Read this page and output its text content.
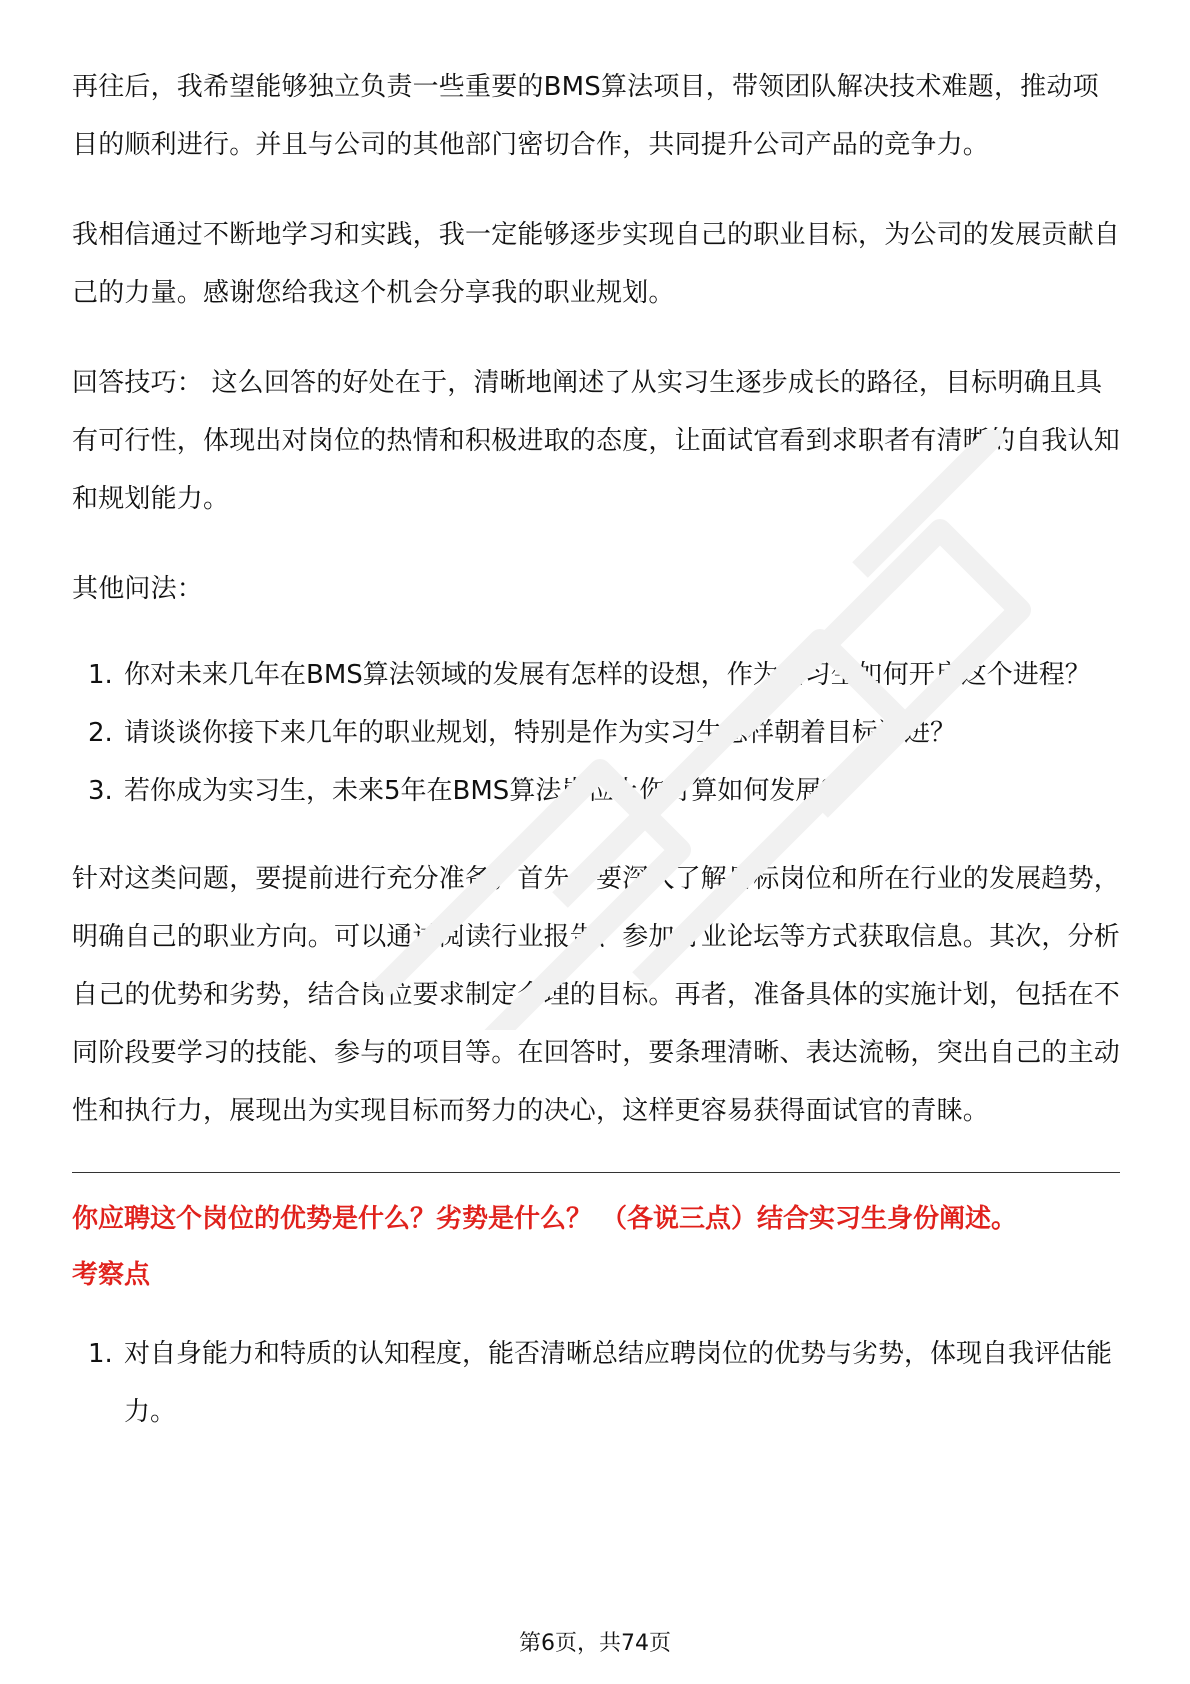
再往后，我希望能够独立负责一些重要的BMS算法项目，带领团队解决技术难题，推动项目的顺利进行。并且与公司的其他部门密切合作，共同提升公司产品的竞争力。

我相信通过不断地学习和实践，我一定能够逐步实现自己的职业目标，为公司的发展贡献自己的力量。感谢您给我这个机会分享我的职业规划。

回答技巧： 这么回答的好处在于，清晰地阐述了从实习生逐步成长的路径，目标明确且具有可行性，体现出对岗位的热情和积极进取的态度，让面试官看到求职者有清晰的自我认知和规划能力。

其他问法：

1. 你对未来几年在BMS算法领域的发展有怎样的设想，作为实习生如何开启这个进程？
2. 请谈谈你接下来几年的职业规划，特别是作为实习生怎样朝着目标迈进？
3. 若你成为实习生，未来5年在BMS算法岗位上你打算如何发展？

针对这类问题，要提前进行充分准备。首先，要深入了解目标岗位和所在行业的发展趋势，明确自己的职业方向。可以通过阅读行业报告、参加行业论坛等方式获取信息。其次，分析自己的优势和劣势，结合岗位要求制定合理的目标。再者，准备具体的实施计划，包括在不同阶段要学习的技能、参与的项目等。在回答时，要条理清晰、表达流畅，突出自己的主动性和执行力，展现出为实现目标而努力的决心，这样更容易获得面试官的青睐。

你应聘这个岗位的优势是什么？劣势是什么？ （各说三点）结合实习生身份阐述。

考察点

1. 对自身能力和特质的认知程度，能否清晰总结应聘岗位的优势与劣势，体现自我评估能力。
第6页，共74页
